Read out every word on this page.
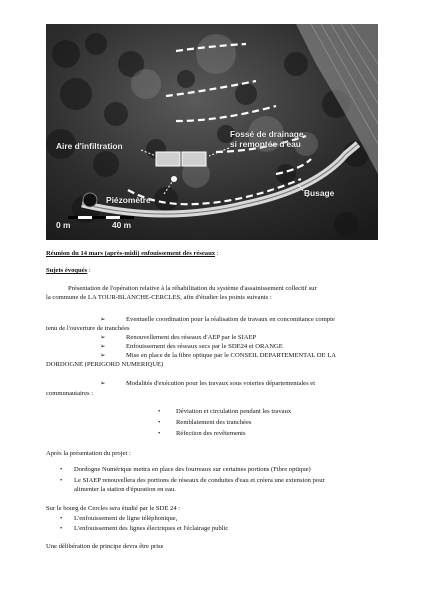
Aire d'infiltration
Fossé de drainage
si remontée d'eau
Busage
Piézomètre
0 m	40 m
Réunion du 14 mars (après-midi) enfouissement des réseaux :
Sujets évoqués :
Présentation de l'opération relative à la réhabilitation du système d'assainissement collectif sur
la commune de LA TOUR-BLANCHE-CERCLES, afin d'étudier les points suivants :
➢	Eventuelle coordination pour la réalisation de travaux en concomitance compte
tenu de l'ouverture de tranchées
➢	Renouvellement des réseaux d'AEP par le SIAEP
➢	Enfouissement des réseaux secs par le SDE24 et ORANGE
➢	Mise en place de la fibre optique par le CONSEIL DEPARTEMENTAL DE LA
DORDOGNE (PERIGORD NUMERIQUE)
➢	Modalités d'exécution pour les travaux sous voieries départementales et
communautaires :
• Déviation et circulation pendant les travaux
• Remblaiement des tranchées
• Réfection des revêtements
Après la présentation du projet :
• Dordogne Numérique mettra en place des fourreaux sur certaines portions (Fibre optique)
• Le SIAEP renouvellera des portions de réseaux de conduites d'eau et créera une extension pour
alimenter la station d'épuration en eau.
Sur le bourg de Cercles sera étudié par le SDE 24 :
• L'enfouissement de ligne téléphonique,
• L'enfouissement des lignes électriques et l'éclairage public
Une délibération de principe devra être prise
